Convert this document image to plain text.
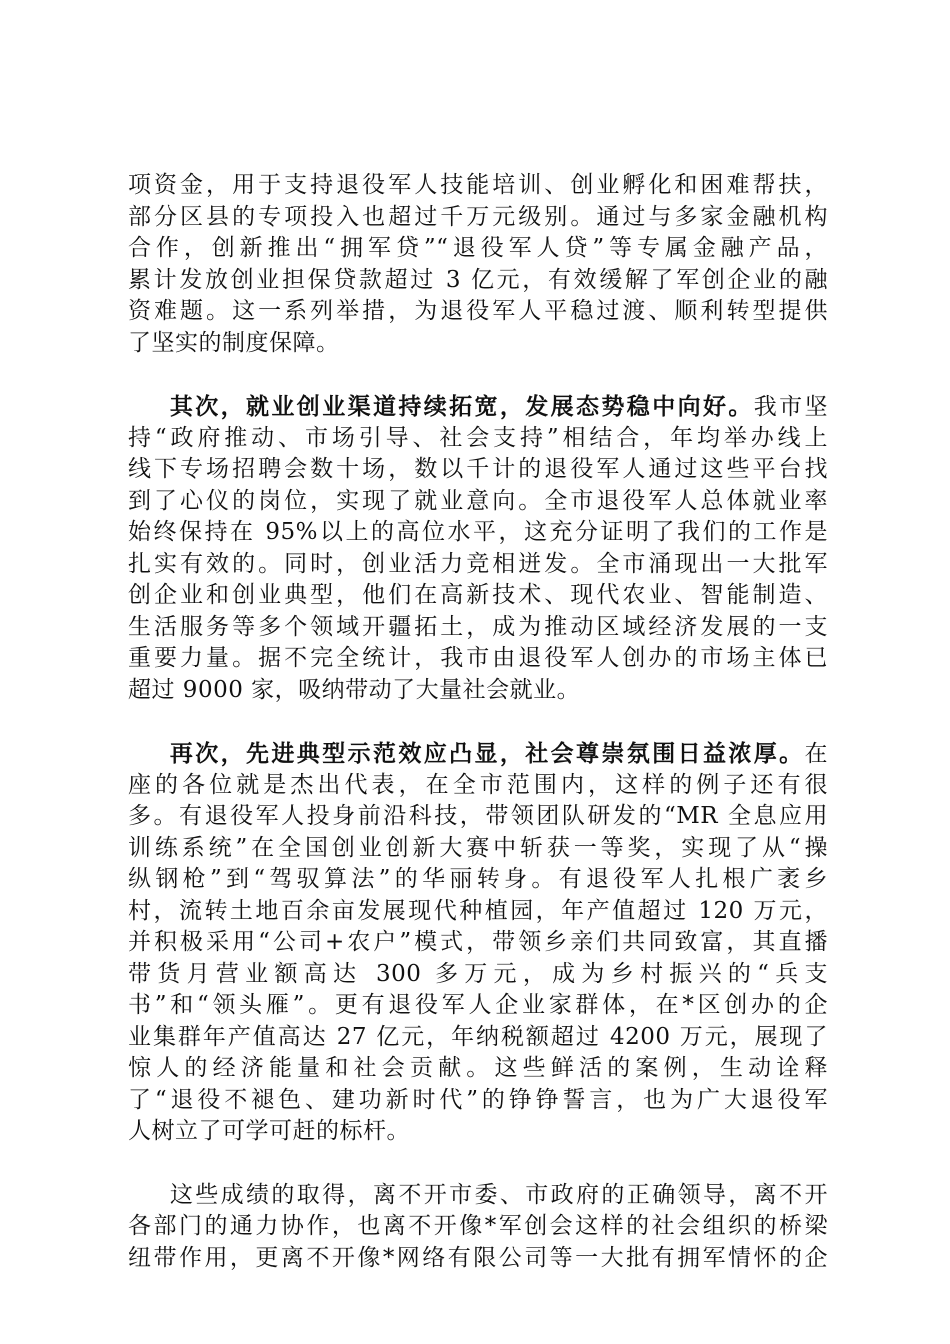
项资金，用于支持退役军人技能培训、创业孵化和困难帮扶，
部分区县的专项投入也超过千万元级别。通过与多家金融机构
合作，创新推出“拥军贷”“退役军人贷”等专属金融产品，
累计发放创业担保贷款超过 3 亿元，有效缓解了军创企业的融
资难题。这一系列举措，为退役军人平稳过渡、顺利转型提供
了坚实的制度保障。
其次，就业创业渠道持续拓宽，发展态势稳中向好。我市坚
持“政府推动、市场引导、社会支持”相结合，年均举办线上
线下专场招聘会数十场，数以千计的退役军人通过这些平台找
到了心仪的岗位，实现了就业意向。全市退役军人总体就业率
始终保持在 95%以上的高位水平，这充分证明了我们的工作是
扎实有效的。同时，创业活力竞相迸发。全市涌现出一大批军
创企业和创业典型，他们在高新技术、现代农业、智能制造、
生活服务等多个领域开疆拓土，成为推动区域经济发展的一支
重要力量。据不完全统计，我市由退役军人创办的市场主体已
超过 9000 家，吸纳带动了大量社会就业。
再次，先进典型示范效应凸显，社会尊崇氛围日益浓厚。在
座的各位就是杰出代表，在全市范围内，这样的例子还有很
多。有退役军人投身前沿科技，带领团队研发的“MR 全息应用
训练系统”在全国创业创新大赛中斩获一等奖，实现了从“操
纵钢枪”到“驾驭算法”的华丽转身。有退役军人扎根广袤乡
村，流转土地百余亩发展现代种植园，年产值超过 120 万元，
并积极采用“公司+农户”模式，带领乡亲们共同致富，其直播
带货月营业额高达 300 多万元，成为乡村振兴的“兵支
书”和“领头雁”。更有退役军人企业家群体，在*区创办的企
业集群年产值高达 27 亿元，年纳税额超过 4200 万元，展现了
惊人的经济能量和社会贡献。这些鲜活的案例，生动诠释
了“退役不褪色、建功新时代”的铮铮誓言，也为广大退役军
人树立了可学可赶的标杆。
这些成绩的取得，离不开市委、市政府的正确领导，离不开
各部门的通力协作，也离不开像*军创会这样的社会组织的桥梁
纽带作用，更离不开像*网络有限公司等一大批有拥军情怀的企
